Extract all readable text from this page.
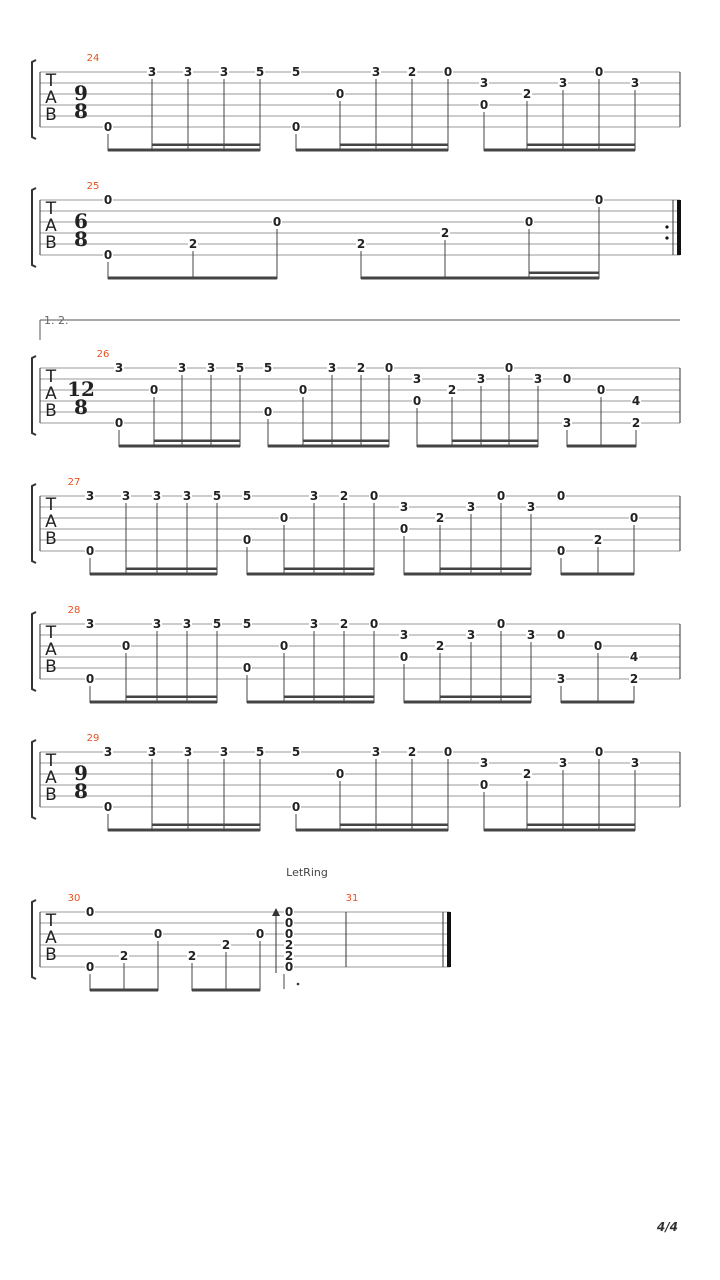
T
A
B
24
9
8
0
3 3 3 5 5
0
0
3 2 0
3
0
2
3
0
3
T
A
B
25
6
8
0
0
2
0
2
2
0
0
T
A
B
26
12
8
1. 2.
3
0
0
3 3 5 5
0
0
3 2 0
3
0
2
3
0
3 0
3
0
4
2
T
A
B
27
3
0
3 3 3 5 5
0
0
3 2 0
3
0
2
3
0
3
0
0
2
0
T
A
B
28
3
0
0
3 3 5 5
0
0
3 2 0
3
0
2
3
0
3 0
3
0
4
2
T
A
B
29
9
8
3
0
3 3 3 5 5
0
0
3 2 0
3
0
2
3
0
3
T
A
B
30	31
LetRing
0
0
2
0
2
2
0
0
0
0
2
2
0
4/4
